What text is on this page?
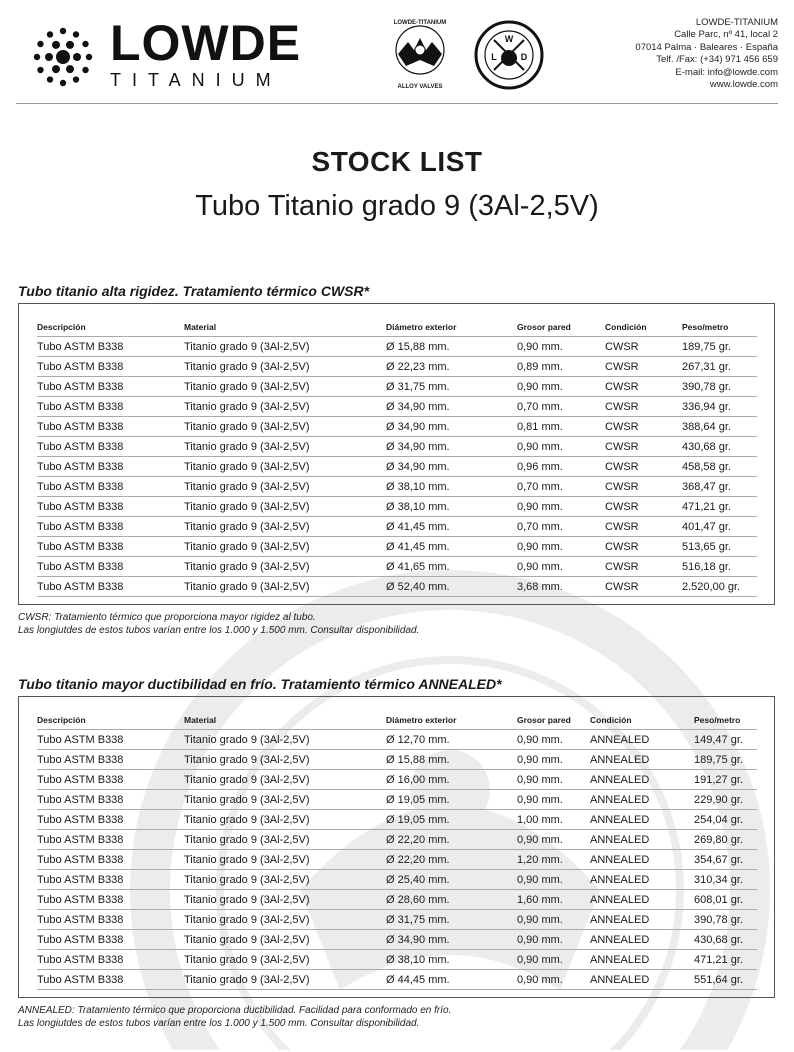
LOWDE
TITANIUM
LOWDE-TITANIUM
ALLOY VALVES
W
L	D
LOWDE-TITANIUM
Calle Parc, nº 41, local 2
07014 Palma · Baleares · España
Telf. /Fax: (+34) 971 456 659
E-mail: info@lowde.com
www.lowde.com
STOCK LIST
Tubo Titanio grado 9 (3Al-2,5V)
Tubo titanio alta rigidez. Tratamiento térmico CWSR*
Descripción	Material	Diámetro exterior	Grosor pared	Condición	Peso/metro
Tubo ASTM B338	Titanio grado 9 (3Al-2,5V)	Ø 15,88 mm.	0,90 mm.	CWSR	189,75 gr.
Tubo ASTM B338	Titanio grado 9 (3Al-2,5V)	Ø 22,23 mm.	0,89 mm.	CWSR	267,31 gr.
Tubo ASTM B338	Titanio grado 9 (3Al-2,5V)	Ø 31,75 mm.	0,90 mm.	CWSR	390,78 gr.
Tubo ASTM B338	Titanio grado 9 (3Al-2,5V)	Ø 34,90 mm.	0,70 mm.	CWSR	336,94 gr.
Tubo ASTM B338	Titanio grado 9 (3Al-2,5V)	Ø 34,90 mm.	0,81 mm.	CWSR	388,64 gr.
Tubo ASTM B338	Titanio grado 9 (3Al-2,5V)	Ø 34,90 mm.	0,90 mm.	CWSR	430,68 gr.
Tubo ASTM B338	Titanio grado 9 (3Al-2,5V)	Ø 34,90 mm.	0,96 mm.	CWSR	458,58 gr.
Tubo ASTM B338	Titanio grado 9 (3Al-2,5V)	Ø 38,10 mm.	0,70 mm.	CWSR	368,47 gr.
Tubo ASTM B338	Titanio grado 9 (3Al-2,5V)	Ø 38,10 mm.	0,90 mm.	CWSR	471,21 gr.
Tubo ASTM B338	Titanio grado 9 (3Al-2,5V)	Ø 41,45 mm.	0,70 mm.	CWSR	401,47 gr.
Tubo ASTM B338	Titanio grado 9 (3Al-2,5V)	Ø 41,45 mm.	0,90 mm.	CWSR	513,65 gr.
Tubo ASTM B338	Titanio grado 9 (3Al-2,5V)	Ø 41,65 mm.	0,90 mm.	CWSR	516,18 gr.
Tubo ASTM B338	Titanio grado 9 (3Al-2,5V)	Ø 52,40 mm.	3,68 mm.	CWSR	2.520,00 gr.
CWSR: Tratamiento térmico que proporciona mayor rigidez al tubo.
Las longiutdes de estos tubos varían entre los 1.000 y 1.500 mm. Consultar disponibilidad.
Tubo titanio mayor ductibilidad en frío. Tratamiento térmico ANNEALED*
Descripción	Material	Diámetro exterior	Grosor pared	Condición	Peso/metro
Tubo ASTM B338	Titanio grado 9 (3Al-2,5V)	Ø 12,70 mm.	0,90 mm.	ANNEALED	149,47 gr.
Tubo ASTM B338	Titanio grado 9 (3Al-2,5V)	Ø 15,88 mm.	0,90 mm.	ANNEALED	189,75 gr.
Tubo ASTM B338	Titanio grado 9 (3Al-2,5V)	Ø 16,00 mm.	0,90 mm.	ANNEALED	191,27 gr.
Tubo ASTM B338	Titanio grado 9 (3Al-2,5V)	Ø 19,05 mm.	0,90 mm.	ANNEALED	229,90 gr.
Tubo ASTM B338	Titanio grado 9 (3Al-2,5V)	Ø 19,05 mm.	1,00 mm.	ANNEALED	254,04 gr.
Tubo ASTM B338	Titanio grado 9 (3Al-2,5V)	Ø 22,20 mm.	0,90 mm.	ANNEALED	269,80 gr.
Tubo ASTM B338	Titanio grado 9 (3Al-2,5V)	Ø 22,20 mm.	1,20 mm.	ANNEALED	354,67 gr.
Tubo ASTM B338	Titanio grado 9 (3Al-2,5V)	Ø 25,40 mm.	0,90 mm.	ANNEALED	310,34 gr.
Tubo ASTM B338	Titanio grado 9 (3Al-2,5V)	Ø 28,60 mm.	1,60 mm.	ANNEALED	608,01 gr.
Tubo ASTM B338	Titanio grado 9 (3Al-2,5V)	Ø 31,75 mm.	0,90 mm.	ANNEALED	390,78 gr.
Tubo ASTM B338	Titanio grado 9 (3Al-2,5V)	Ø 34,90 mm.	0,90 mm.	ANNEALED	430,68 gr.
Tubo ASTM B338	Titanio grado 9 (3Al-2,5V)	Ø 38,10 mm.	0,90 mm.	ANNEALED	471,21 gr.
Tubo ASTM B338	Titanio grado 9 (3Al-2,5V)	Ø 44,45 mm.	0,90 mm.	ANNEALED	551,64 gr.
ANNEALED: Tratamiento térmico que proporciona ductibilidad. Facilidad para conformado en frío.
Las longiutdes de estos tubos varían entre los 1.000 y 1.500 mm. Consultar disponibilidad.
